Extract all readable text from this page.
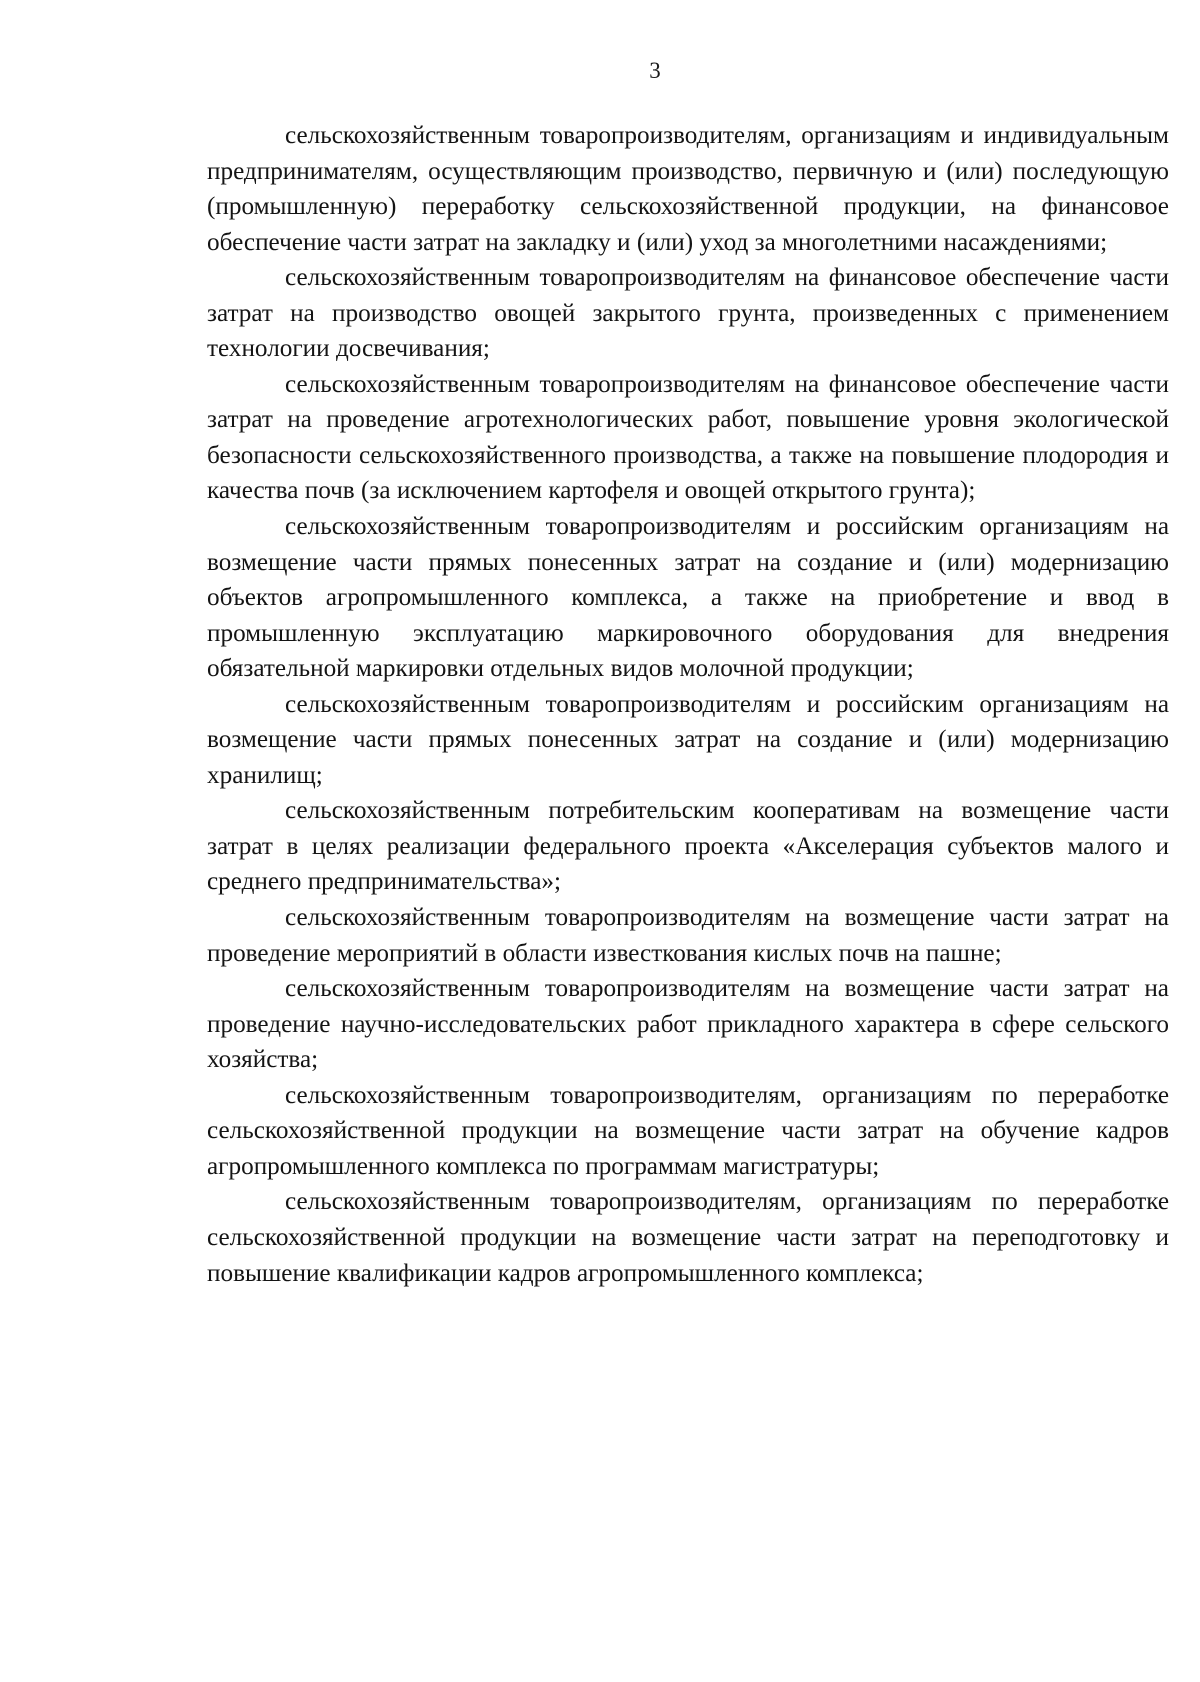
3

сельскохозяйственным товаропроизводителям, организациям и индивидуальным предпринимателям, осуществляющим производство, первичную и (или) последующую (промышленную) переработку сельскохозяйственной продукции, на финансовое обеспечение части затрат на закладку и (или) уход за многолетними насаждениями;

сельскохозяйственным товаропроизводителям на финансовое обеспечение части затрат на производство овощей закрытого грунта, произведенных с применением технологии досвечивания;

сельскохозяйственным товаропроизводителям на финансовое обеспечение части затрат на проведение агротехнологических работ, повышение уровня экологической безопасности сельскохозяйственного производства, а также на повышение плодородия и качества почв (за исключением картофеля и овощей открытого грунта);

сельскохозяйственным товаропроизводителям и российским организациям на возмещение части прямых понесенных затрат на создание и (или) модернизацию объектов агропромышленного комплекса, а также на приобретение и ввод в промышленную эксплуатацию маркировочного оборудования для внедрения обязательной маркировки отдельных видов молочной продукции;

сельскохозяйственным товаропроизводителям и российским организациям на возмещение части прямых понесенных затрат на создание и (или) модернизацию хранилищ;

сельскохозяйственным потребительским кооперативам на возмещение части затрат в целях реализации федерального проекта «Акселерация субъектов малого и среднего предпринимательства»;

сельскохозяйственным товаропроизводителям на возмещение части затрат на проведение мероприятий в области известкования кислых почв на пашне;

сельскохозяйственным товаропроизводителям на возмещение части затрат на проведение научно-исследовательских работ прикладного характера в сфере сельского хозяйства;

сельскохозяйственным товаропроизводителям, организациям по переработке сельскохозяйственной продукции на возмещение части затрат на обучение кадров агропромышленного комплекса по программам магистратуры;

сельскохозяйственным товаропроизводителям, организациям по переработке сельскохозяйственной продукции на возмещение части затрат на переподготовку и повышение квалификации кадров агропромышленного комплекса;
